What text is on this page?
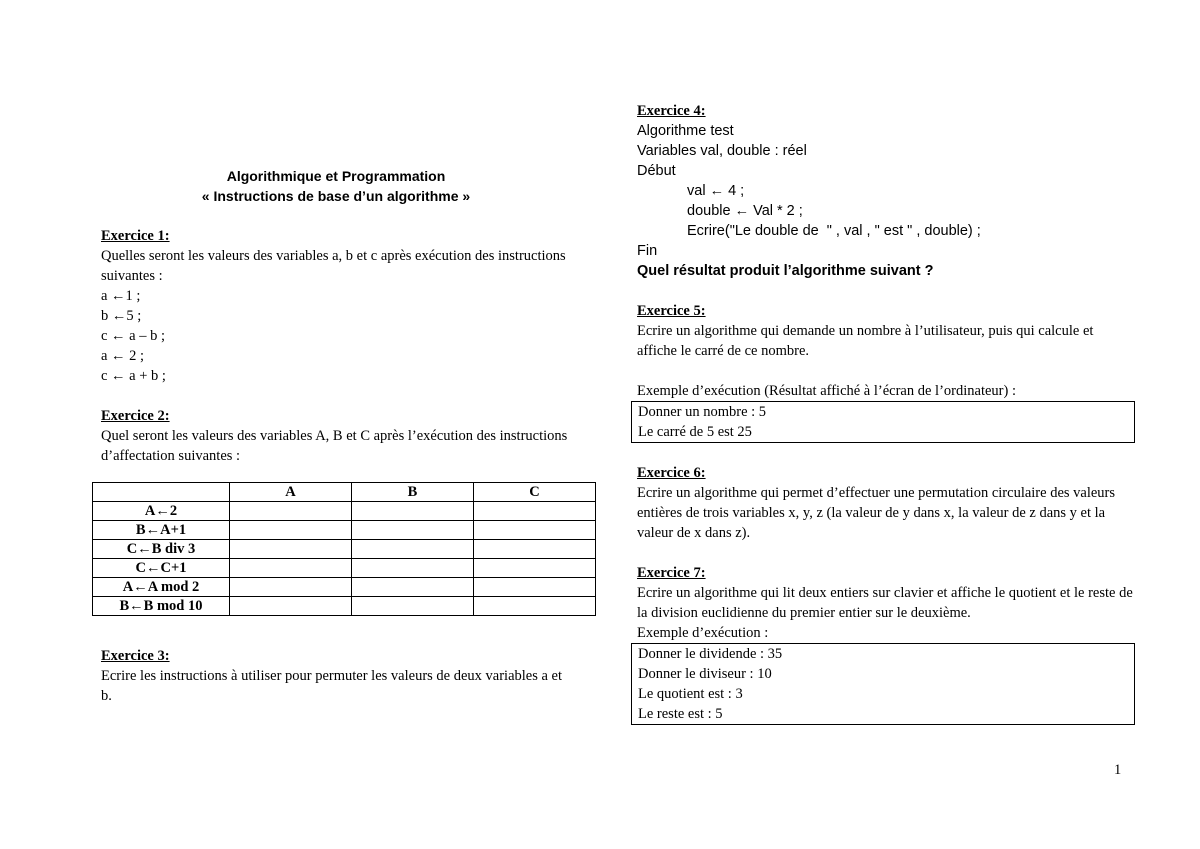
Algorithmique et Programmation
« Instructions de base d’un algorithme »
Exercice 1:
Quelles seront les valeurs des variables a, b et c après exécution des instructions suivantes :
a ←1 ;
b ←5 ;
c ← a – b ;
a ← 2 ;
c ← a + b ;
Exercice 2:
Quel seront les valeurs des variables A, B et C après l’exécution des instructions d’affectation suivantes :
	A	B	C
A←2			
B←A+1			
C←B div 3			
C←C+1			
A←A mod 2			
B←B mod 10			
Exercice 3:
Ecrire les instructions à utiliser pour permuter les valeurs de deux variables a et b.
Exercice 4:
Algorithme test
Variables val, double : réel
Début
val ← 4 ;
double ← Val * 2 ;
Ecrire("Le double de  " , val , " est " , double) ;
Fin
Quel résultat produit l’algorithme suivant ?
Exercice 5:
Ecrire un algorithme qui demande un nombre à l’utilisateur, puis qui calcule et affiche le carré de ce nombre.
Exemple d’exécution (Résultat affiché à l’écran de l’ordinateur) :
Donner un nombre : 5
Le carré de 5 est 25
Exercice 6:
Ecrire un algorithme qui permet d’effectuer une permutation circulaire des valeurs entières de trois variables x, y, z (la valeur de y dans x, la valeur de z dans y et la valeur de x dans z).
Exercice 7:
Ecrire un algorithme qui lit deux entiers sur clavier et affiche le quotient et le reste de la division euclidienne du premier entier sur le deuxième.
Exemple d’exécution :
Donner le dividende : 35
Donner le diviseur : 10
Le quotient est : 3
Le reste est : 5
1
